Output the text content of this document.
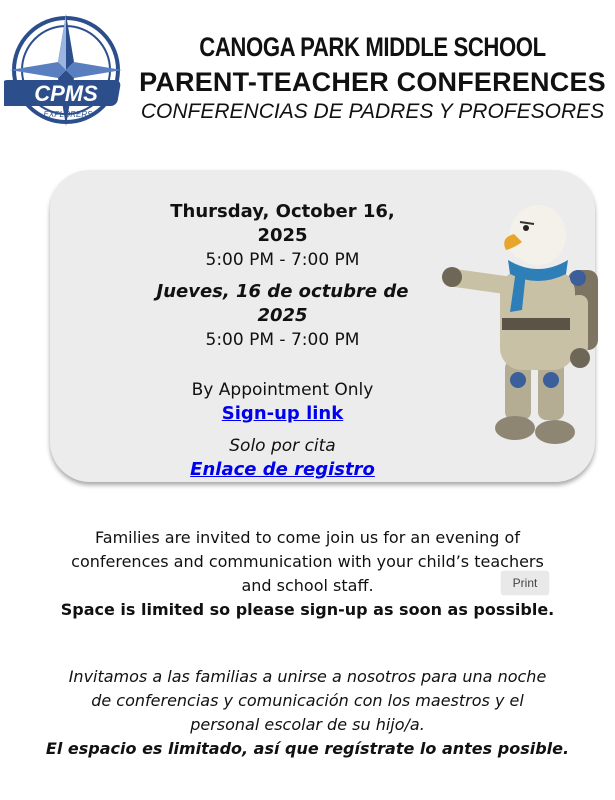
CPMS
EXPLORERS

CANOGA PARK MIDDLE SCHOOL

PARENT-TEACHER CONFERENCES

CONFERENCIAS DE PADRES Y PROFESORES

Thursday, October 16, 2025

5:00 PM - 7:00 PM

Jueves, 16 de octubre de 2025

5:00 PM - 7:00 PM

By Appointment Only

Sign-up link

Solo por cita

Enlace de registro

Families are invited to come join us for an evening of

conferences and communication with your child’s teachers

and school staff.

Space is limited so please sign-up as soon as possible.

Print

Invitamos a las familias a unirse a nosotros para una noche

de conferencias y comunicación con los maestros y el

personal escolar de su hijo/a.

El espacio es limitado, así que regístrate lo antes posible.
